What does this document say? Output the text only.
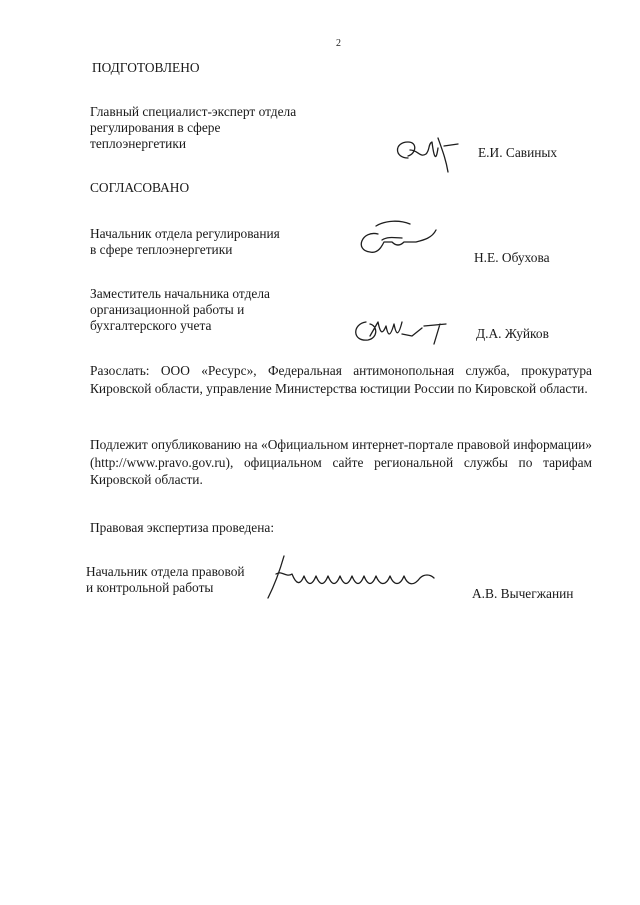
2
ПОДГОТОВЛЕНО
Главный специалист-эксперт отдела
регулирования в сфере
теплоэнергетики
Е.И. Савиных
СОГЛАСОВАНО
Начальник отдела регулирования
в сфере теплоэнергетики
Н.Е. Обухова
Заместитель начальника отдела
организационной работы и
бухгалтерского учета
Д.А. Жуйков
Разослать: ООО «Ресурс», Федеральная антимонопольная служба, прокуратура Кировской области, управление Министерства юстиции России по Кировской области.
Подлежит опубликованию на «Официальном интернет-портале правовой информации» (http://www.pravo.gov.ru), официальном сайте региональной службы по тарифам Кировской области.
Правовая экспертиза проведена:
Начальник отдела правовой
и контрольной работы	А.В. Вычегжанин
